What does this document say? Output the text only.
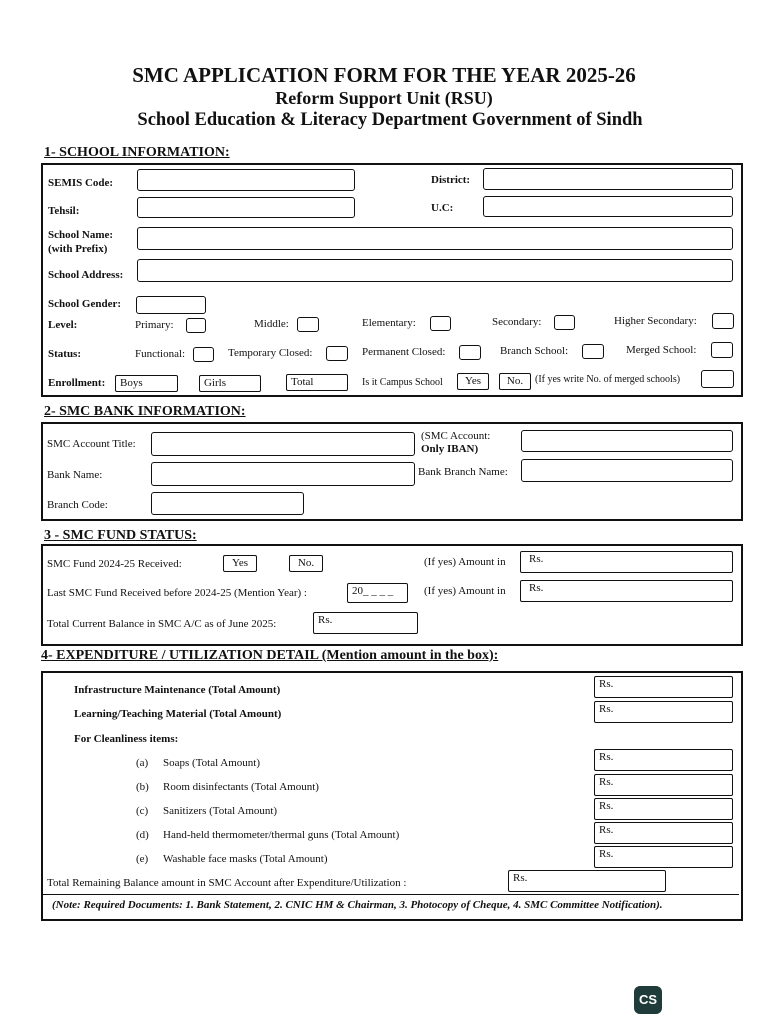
SMC APPLICATION FORM FOR THE YEAR 2025-26
Reform Support Unit (RSU)
School Education & Literacy Department Government of Sindh
1- SCHOOL INFORMATION:
SEMIS Code:	District:
Tehsil:	U.C:
School Name:
(with Prefix)
School Address:
School Gender:
Level:	Primary:	Middle:	Elementary:	Secondary:	Higher Secondary:
Status:	Functional:	Temporary Closed:	Permanent Closed:	Branch School:	Merged School:
Enrollment:	Boys	Girls	Total	Is it Campus School	Yes	No.	(If yes write No. of merged schools)
2- SMC BANK INFORMATION:
SMC Account Title:
(SMC Account:
Only IBAN)
Bank Name:	Bank Branch Name:
Branch Code:
3 - SMC FUND STATUS:
SMC Fund 2024-25 Received:	Yes	No.	(If yes) Amount in	Rs.
Last SMC Fund Received before 2024-25 (Mention Year) :	20_ _ _ _	(If yes) Amount in	Rs.
Total Current Balance in SMC A/C as of June 2025:	Rs.
4- EXPENDITURE / UTILIZATION DETAIL (Mention amount in the box):
Infrastructure Maintenance (Total Amount)	Rs.
Learning/Teaching Material (Total Amount)	Rs.
For Cleanliness items:
(a) Soaps (Total Amount)	Rs.
(b) Room disinfectants (Total Amount)	Rs.
(c) Sanitizers (Total Amount)	Rs.
(d) Hand-held thermometer/thermal guns (Total Amount)	Rs.
(e) Washable face masks (Total Amount)	Rs.
Total Remaining Balance amount in SMC Account after Expenditure/Utilization :	Rs.
(Note: Required Documents: 1. Bank Statement, 2. CNIC HM & Chairman, 3. Photocopy of Cheque, 4. SMC Committee Notification).
CS
